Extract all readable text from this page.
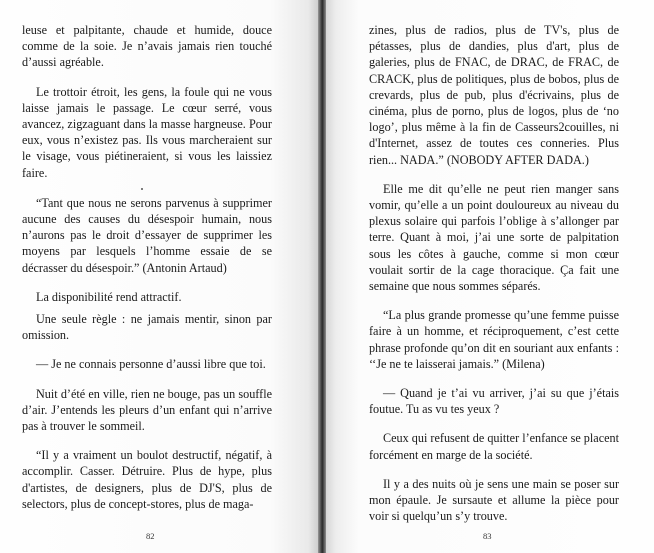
leuse et palpitante, chaude et humide, douce comme de la soie. Je n’avais jamais rien touché d’aussi agréable.

Le trottoir étroit, les gens, la foule qui ne vous laisse jamais le passage. Le cœur serré, vous avancez, zigzaguant dans la masse hargneuse. Pour eux, vous n’existez pas. Ils vous marcheraient sur le visage, vous piétineraient, si vous les laissiez faire.

“Tant que nous ne serons parvenus à supprimer aucune des causes du désespoir humain, nous n’aurons pas le droit d’essayer de supprimer les moyens par lesquels l’homme essaie de se décrasser du désespoir.” (Antonin Artaud)

La disponibilité rend attractif.

Une seule règle : ne jamais mentir, sinon par omission.

— Je ne connais personne d’aussi libre que toi.

Nuit d’été en ville, rien ne bouge, pas un souffle d’air. J’entends les pleurs d’un enfant qui n’arrive pas à trouver le sommeil.

“Il y a vraiment un boulot destructif, négatif, à accomplir. Casser. Détruire. Plus de hype, plus d'artistes, de designers, plus de DJ'S, plus de selectors, plus de concept-stores, plus de maga-

82

zines, plus de radios, plus de TV's, plus de pétasses, plus de dandies, plus d'art, plus de galeries, plus de FNAC, de DRAC, de FRAC, de CRACK, plus de politiques, plus de bobos, plus de crevards, plus de pub, plus d'écrivains, plus de cinéma, plus de porno, plus de logos, plus de ‘no logo’, plus même à la fin de Casseurs2couilles, ni d'Internet, assez de toutes ces conneries. Plus rien... NADA.” (NOBODY AFTER DADA.)

Elle me dit qu’elle ne peut rien manger sans vomir, qu’elle a un point douloureux au niveau du plexus solaire qui parfois l’oblige à s’allonger par terre. Quant à moi, j’ai une sorte de palpitation sous les côtes à gauche, comme si mon cœur voulait sortir de la cage thoracique. Ça fait une semaine que nous sommes séparés.

“La plus grande promesse qu’une femme puisse faire à un homme, et réciproquement, c’est cette phrase profonde qu’on dit en souriant aux enfants : ‘‘Je ne te laisserai jamais.” (Milena)

— Quand je t’ai vu arriver, j’ai su que j’étais foutue. Tu as vu tes yeux ?

Ceux qui refusent de quitter l’enfance se placent forcément en marge de la société.

Il y a des nuits où je sens une main se poser sur mon épaule. Je sursaute et allume la pièce pour voir si quelqu’un s’y trouve.

83
